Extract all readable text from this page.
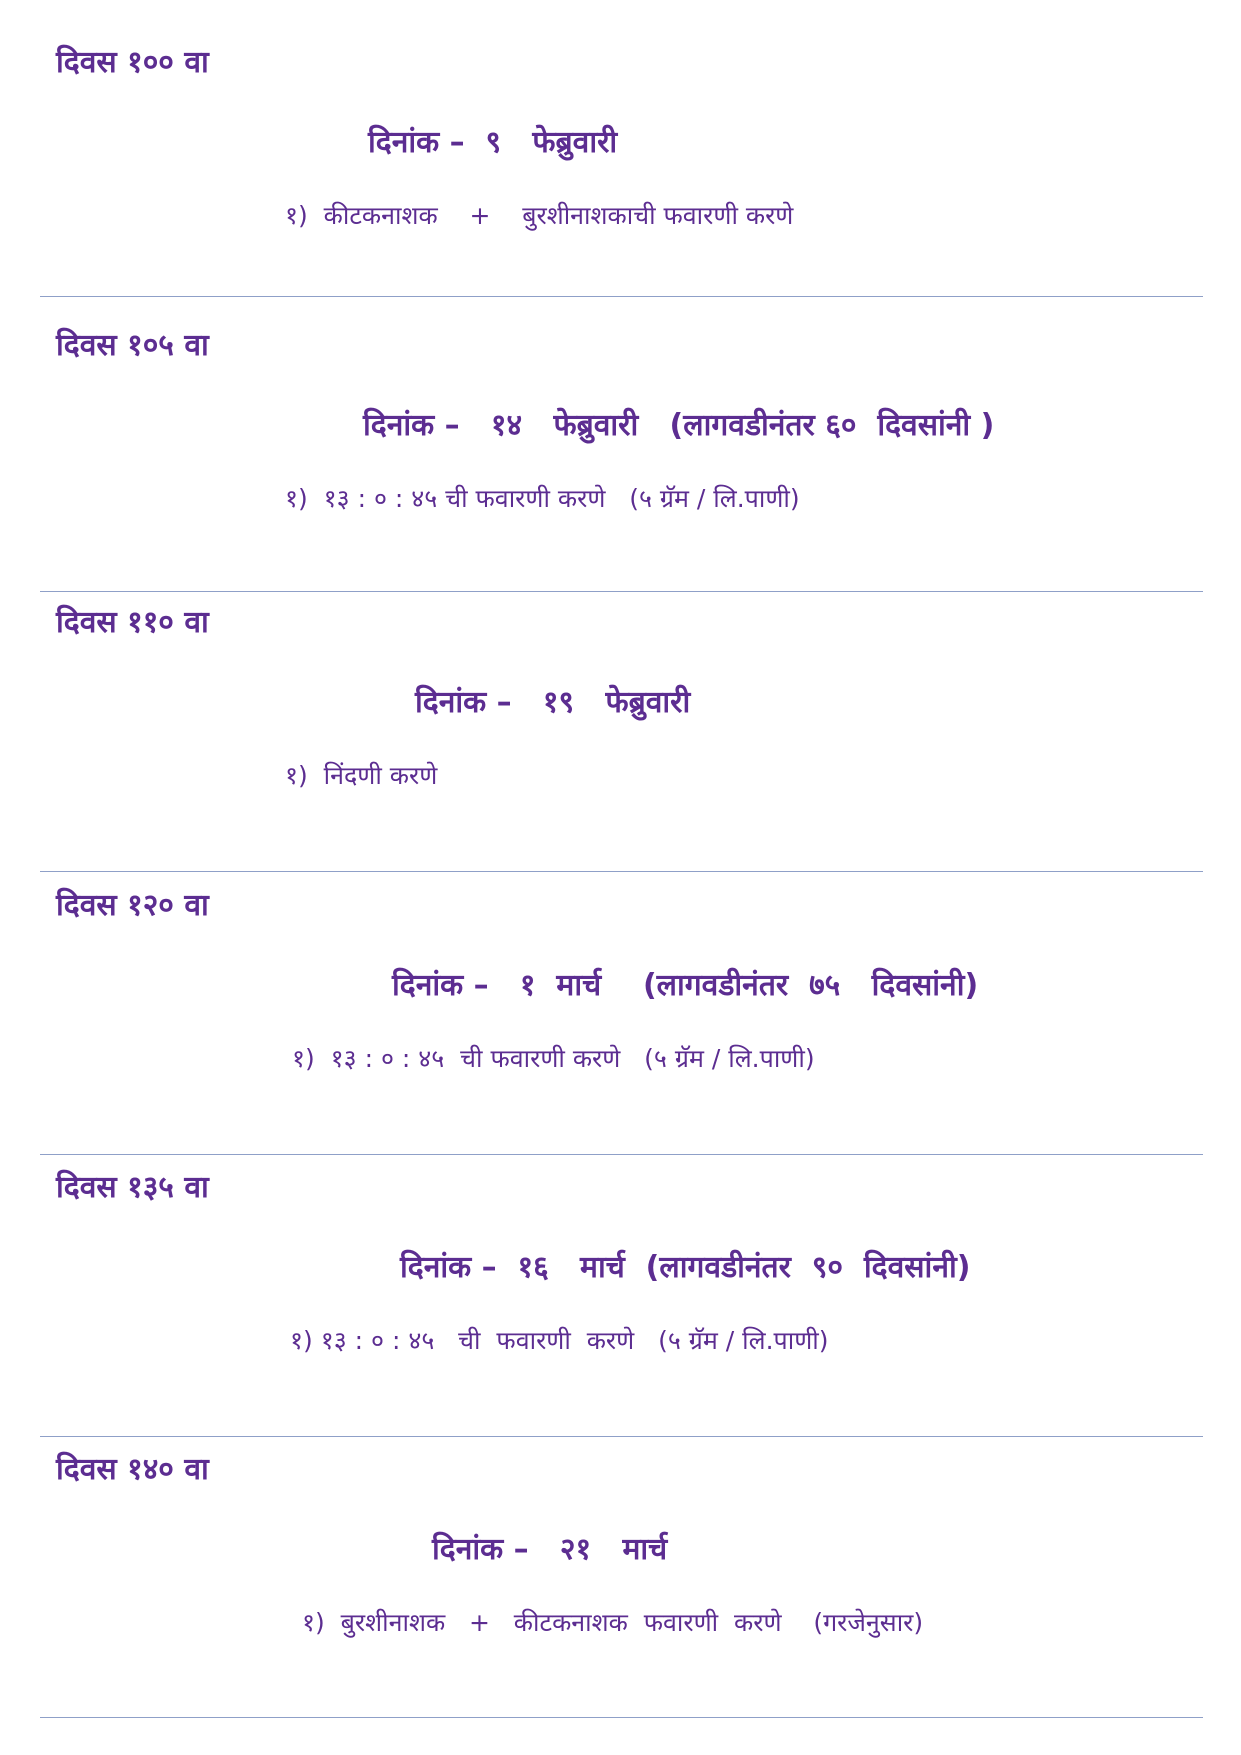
दिवस १०० वा
दिनांक –  ९   फेब्रुवारी
१)  कीटकनाशक    +    बुरशीनाशकाची फवारणी करणे
दिवस १०५ वा
दिनांक –   १४   फेब्रुवारी   (लागवडीनंतर ६०  दिवसांनी )
१)  १३ : ० : ४५ ची फवारणी करणे   (५ ग्रॅम / लि.पाणी)
दिवस ११० वा
दिनांक –   १९   फेब्रुवारी
१)  निंदणी करणे
दिवस १२० वा
दिनांक –   १  मार्च    (लागवडीनंतर  ७५   दिवसांनी)
१)  १३ : ० : ४५  ची फवारणी करणे   (५ ग्रॅम / लि.पाणी)
दिवस १३५ वा
दिनांक –  १६   मार्च  (लागवडीनंतर  ९०  दिवसांनी)
१) १३ : ० : ४५   ची  फवारणी  करणे   (५ ग्रॅम / लि.पाणी)
दिवस १४० वा
दिनांक –   २१   मार्च
१)  बुरशीनाशक   +   कीटकनाशक  फवारणी  करणे    (गरजेनुसार)
